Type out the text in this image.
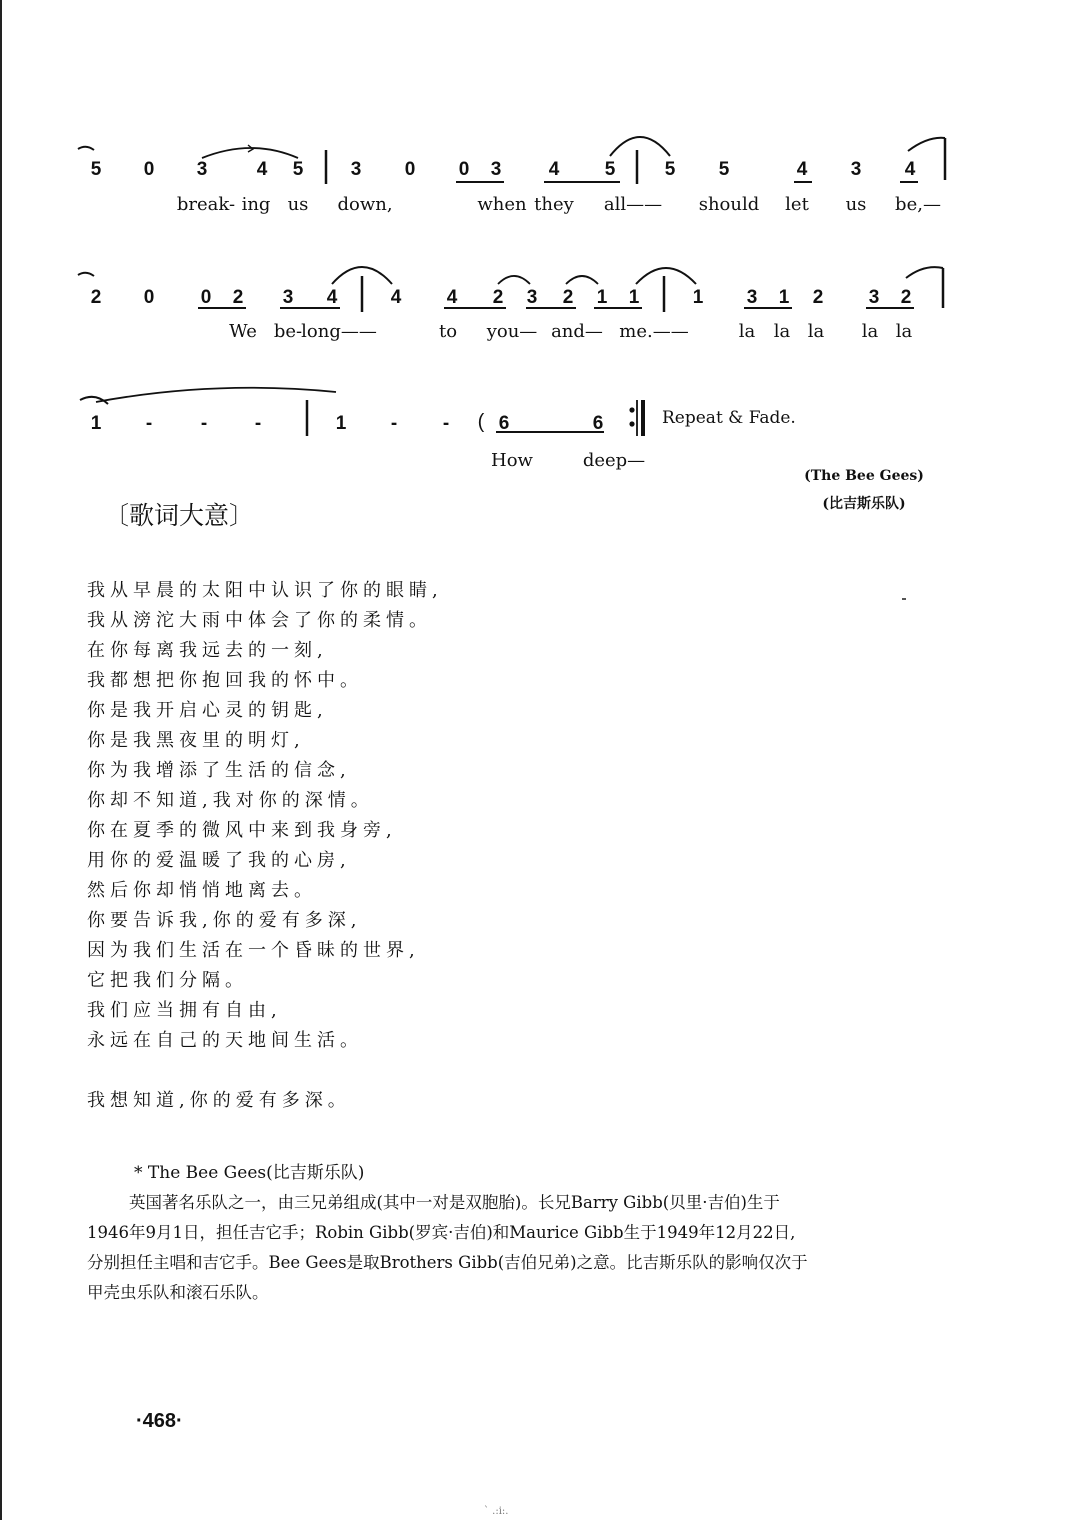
5 0 3	4 5 3 0 0 3 4 5	5 5	4 3 4
break- ing us down,	when they all—— should let us be,—
2 0 0 2 3 4	4 4 2 3 2 1 1	1 3 1 2 3 2
We be- long——	to you— and— me.——	la la la la la
1 -	-	-	1 - - ( 6	6	Repeat & Fade.
How	deep—
(The Bee Gees)
(比吉斯乐队)
〔歌词大意〕
我从早晨的太阳中认识了你的眼睛,
我从滂沱大雨中体会了你的柔情。
在你每离我远去的一刻,
我都想把你抱回我的怀中。
你是我开启心灵的钥匙,
你是我黑夜里的明灯,
你为我增添了生活的信念,
你却不知道,我对你的深情。
你在夏季的微风中来到我身旁,
用你的爱温暖了我的心房,
然后你却悄悄地离去。
你要告诉我,你的爱有多深,
因为我们生活在一个昏昧的世界,
它把我们分隔。
我们应当拥有自由,
永远在自己的天地间生活。
我想知道,你的爱有多深。
* The Bee Gees(比吉斯乐队)
英国著名乐队之一，由三兄弟组成(其中一对是双胞胎)。长兄Barry Gibb(贝里·吉伯)生于
1946年9月1日，担任吉它手；Robin Gibb(罗宾·吉伯)和Maurice Gibb生于1949年12月22日,
分别担任主唱和吉它手。Bee Gees是取Brothers Gibb(吉伯兄弟)之意。比吉斯乐队的影响仅次于
甲壳虫乐队和滚石乐队。
·468·
` .:i:.
